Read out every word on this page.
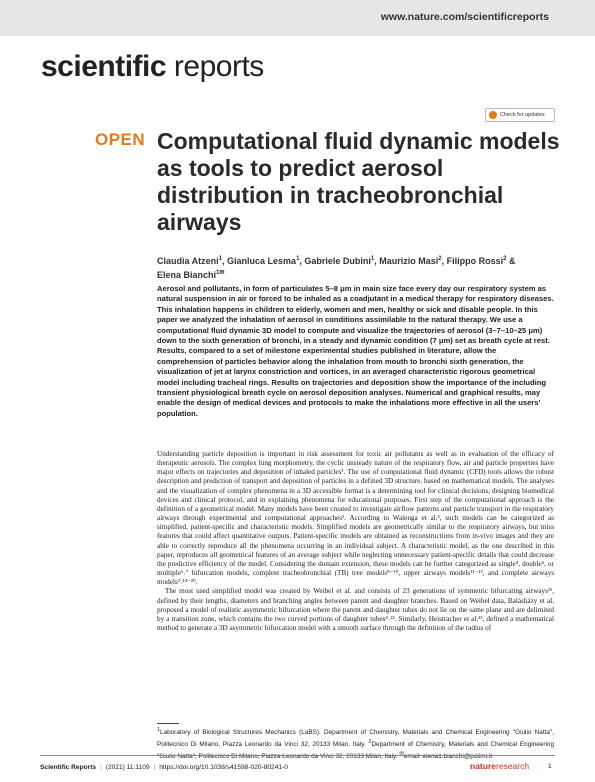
www.nature.com/scientificreports
scientific reports
Check for updates
OPEN Computational fluid dynamic models as tools to predict aerosol distribution in tracheobronchial airways
Claudia Atzeni$^1$, Gianluca Lesma$^1$, Gabriele Dubini$^1$, Maurizio Masi$^2$, Filippo Rossi$^2$ & Elena Bianchi$^{1✉}$

Aerosol and pollutants, in form of particulates 5–8 μm in main size face every day our respiratory system as natural suspension in air or forced to be inhaled as a coadjutant in a medical therapy for respiratory diseases. This inhalation happens in children to elderly, women and men, healthy or sick and disable people. In this paper we analyzed the inhalation of aerosol in conditions assimilable to the natural therapy. We use a computational fluid dynamic 3D model to compute and visualize the trajectories of aerosol (3–7–10–25 μm) down to the sixth generation of bronchi, in a steady and dynamic condition (7 μm) set as breath cycle at rest. Results, compared to a set of milestone experimental studies published in literature, allow the comprehension of particles behavior along the inhalation from mouth to bronchi sixth generation, the visualization of jet at larynx constriction and vortices, in an averaged characteristic rigorous geometrical model including tracheal rings. Results on trajectories and deposition show the importance of the including transient physiological breath cycle on aerosol deposition analyses. Numerical and graphical results, may enable the design of medical devices and protocols to make the inhalations more effective in all the users’ population.

Understanding particle deposition is important in risk assessment for toxic air pollutants as well as in evaluation of the efficacy of therapeutic aerosols. The complex lung morphometry, the cyclic unsteady nature of the respiratory flow, air and particle properties have major effects on trajectories and deposition of inhaled particles¹. The use of computational fluid dynamic (CFD) tools allows the robust description and prediction of transport and deposition of particles in a defined 3D structure, based on mathematical models. The analyses and the visualization of complex phenomena in a 3D accessible format is a determining tool for clinical decisions, designing biomedical devices and clinical protocol, and in explaining phenomena for educational purposes. First step of the computational approach is the definition of a geometrical model. Many models have been created to investigate airflow patterns and particle transport in the respiratory airways through experimental and computational approaches². According to Walenga et al.³, such models can be categorized as simplified, patient-specific and characteristic models. Simplified models are geometrically similar to the respiratory airways, but miss features that could affect quantitative outputs. Patient-specific models are obtained as reconstructions from in-vivo images and they are able to correctly reproduce all the phenomena occurring in an individual subject. A characteristic model, as the one described in this paper, reproduces all geometrical features of an average subject while neglecting unnecessary patient-specific details that could decrease the predictive efficiency of the model. Considering the domain extension, these models can be further categorized as single⁴, double⁵, or multiple⁶˒⁷ bifurcation models, complete tracheobronchial (TB) tree models⁸⁻¹⁰, upper airways models¹¹⁻¹³, and complete airways models³˒¹⁴⁻²⁰.

The most used simplified model was created by Weibel et al. and consists of 23 generations of symmetric bifurcating airways²¹, defined by their lengths, diameters and branching angles between parent and daughter branches. Based on Weibel data, Balásházy et al. proposed a model of realistic asymmetric bifurcation where the parent and daughter tubes do not lie on the same plane and are delimited by a transition zone, which contains the two curved portions of daughter tubes⁴˒²². Similarly, Heistracher et al.²³, defined a mathematical method to generate a 3D asymmetric bifurcation model with a smooth surface through the definition of the radius of

$^1$Laboratory of Biological Structures Mechanics (LaBS), Department of Chemistry, Materials and Chemical Engineering "Giulio Natta", Politecnico Di Milano, Piazza Leonardo da Vinci 32, 20133 Milan, Italy. $^2$Department of Chemistry, Materials and Chemical Engineering "Giulio Natta", Politecnico Di Milano, Piazza Leonardo da Vinci 32, 20133 Milan, Italy. ✉email: elena1.bianchi@polimi.it

Scientific Reports | (2021) 11:1109 | https://doi.org/10.1038/s41598-020-80241-0	natureresearch	1
